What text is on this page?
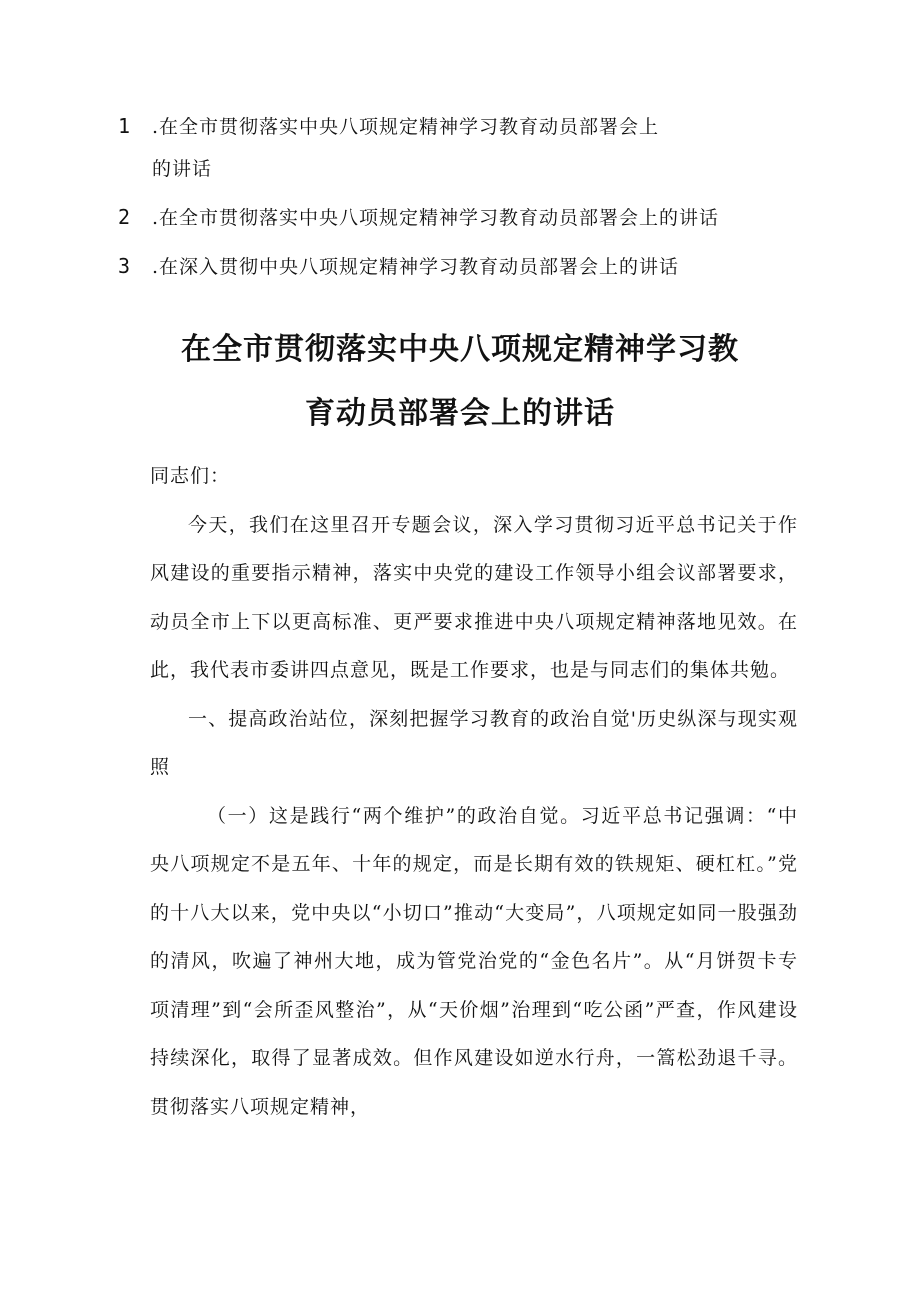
1 .在全市贯彻落实中央八项规定精神学习教育动员部署会上
的讲话
2 .在全市贯彻落实中央八项规定精神学习教育动员部署会上的讲话
3 .在深入贯彻中央八项规定精神学习教育动员部署会上的讲话
在全市贯彻落实中央八项规定精神学习教
育动员部署会上的讲话

同志们：

今天，我们在这里召开专题会议，深入学习贯彻习近平总书记关于作风建设的重要指示精神，落实中央党的建设工作领导小组会议部署要求，动员全市上下以更高标准、更严要求推进中央八项规定精神落地见效。在此，我代表市委讲四点意见，既是工作要求，也是与同志们的集体共勉。

一、提高政治站位，深刻把握学习教育的政治自觉'历史纵深与现实观照

（一）这是践行“两个维护”的政治自觉。习近平总书记强调：“中央八项规定不是五年、十年的规定，而是长期有效的铁规矩、硬杠杠。”党的十八大以来，党中央以“小切口”推动“大变局”，八项规定如同一股强劲的清风，吹遍了神州大地，成为管党治党的“金色名片”。从“月饼贺卡专项清理”到“会所歪风整治”，从“天价烟”治理到“吃公函”严查，作风建设持续深化，取得了显著成效。但作风建设如逆水行舟，一篙松劲退千寻。贯彻落实八项规定精神，
